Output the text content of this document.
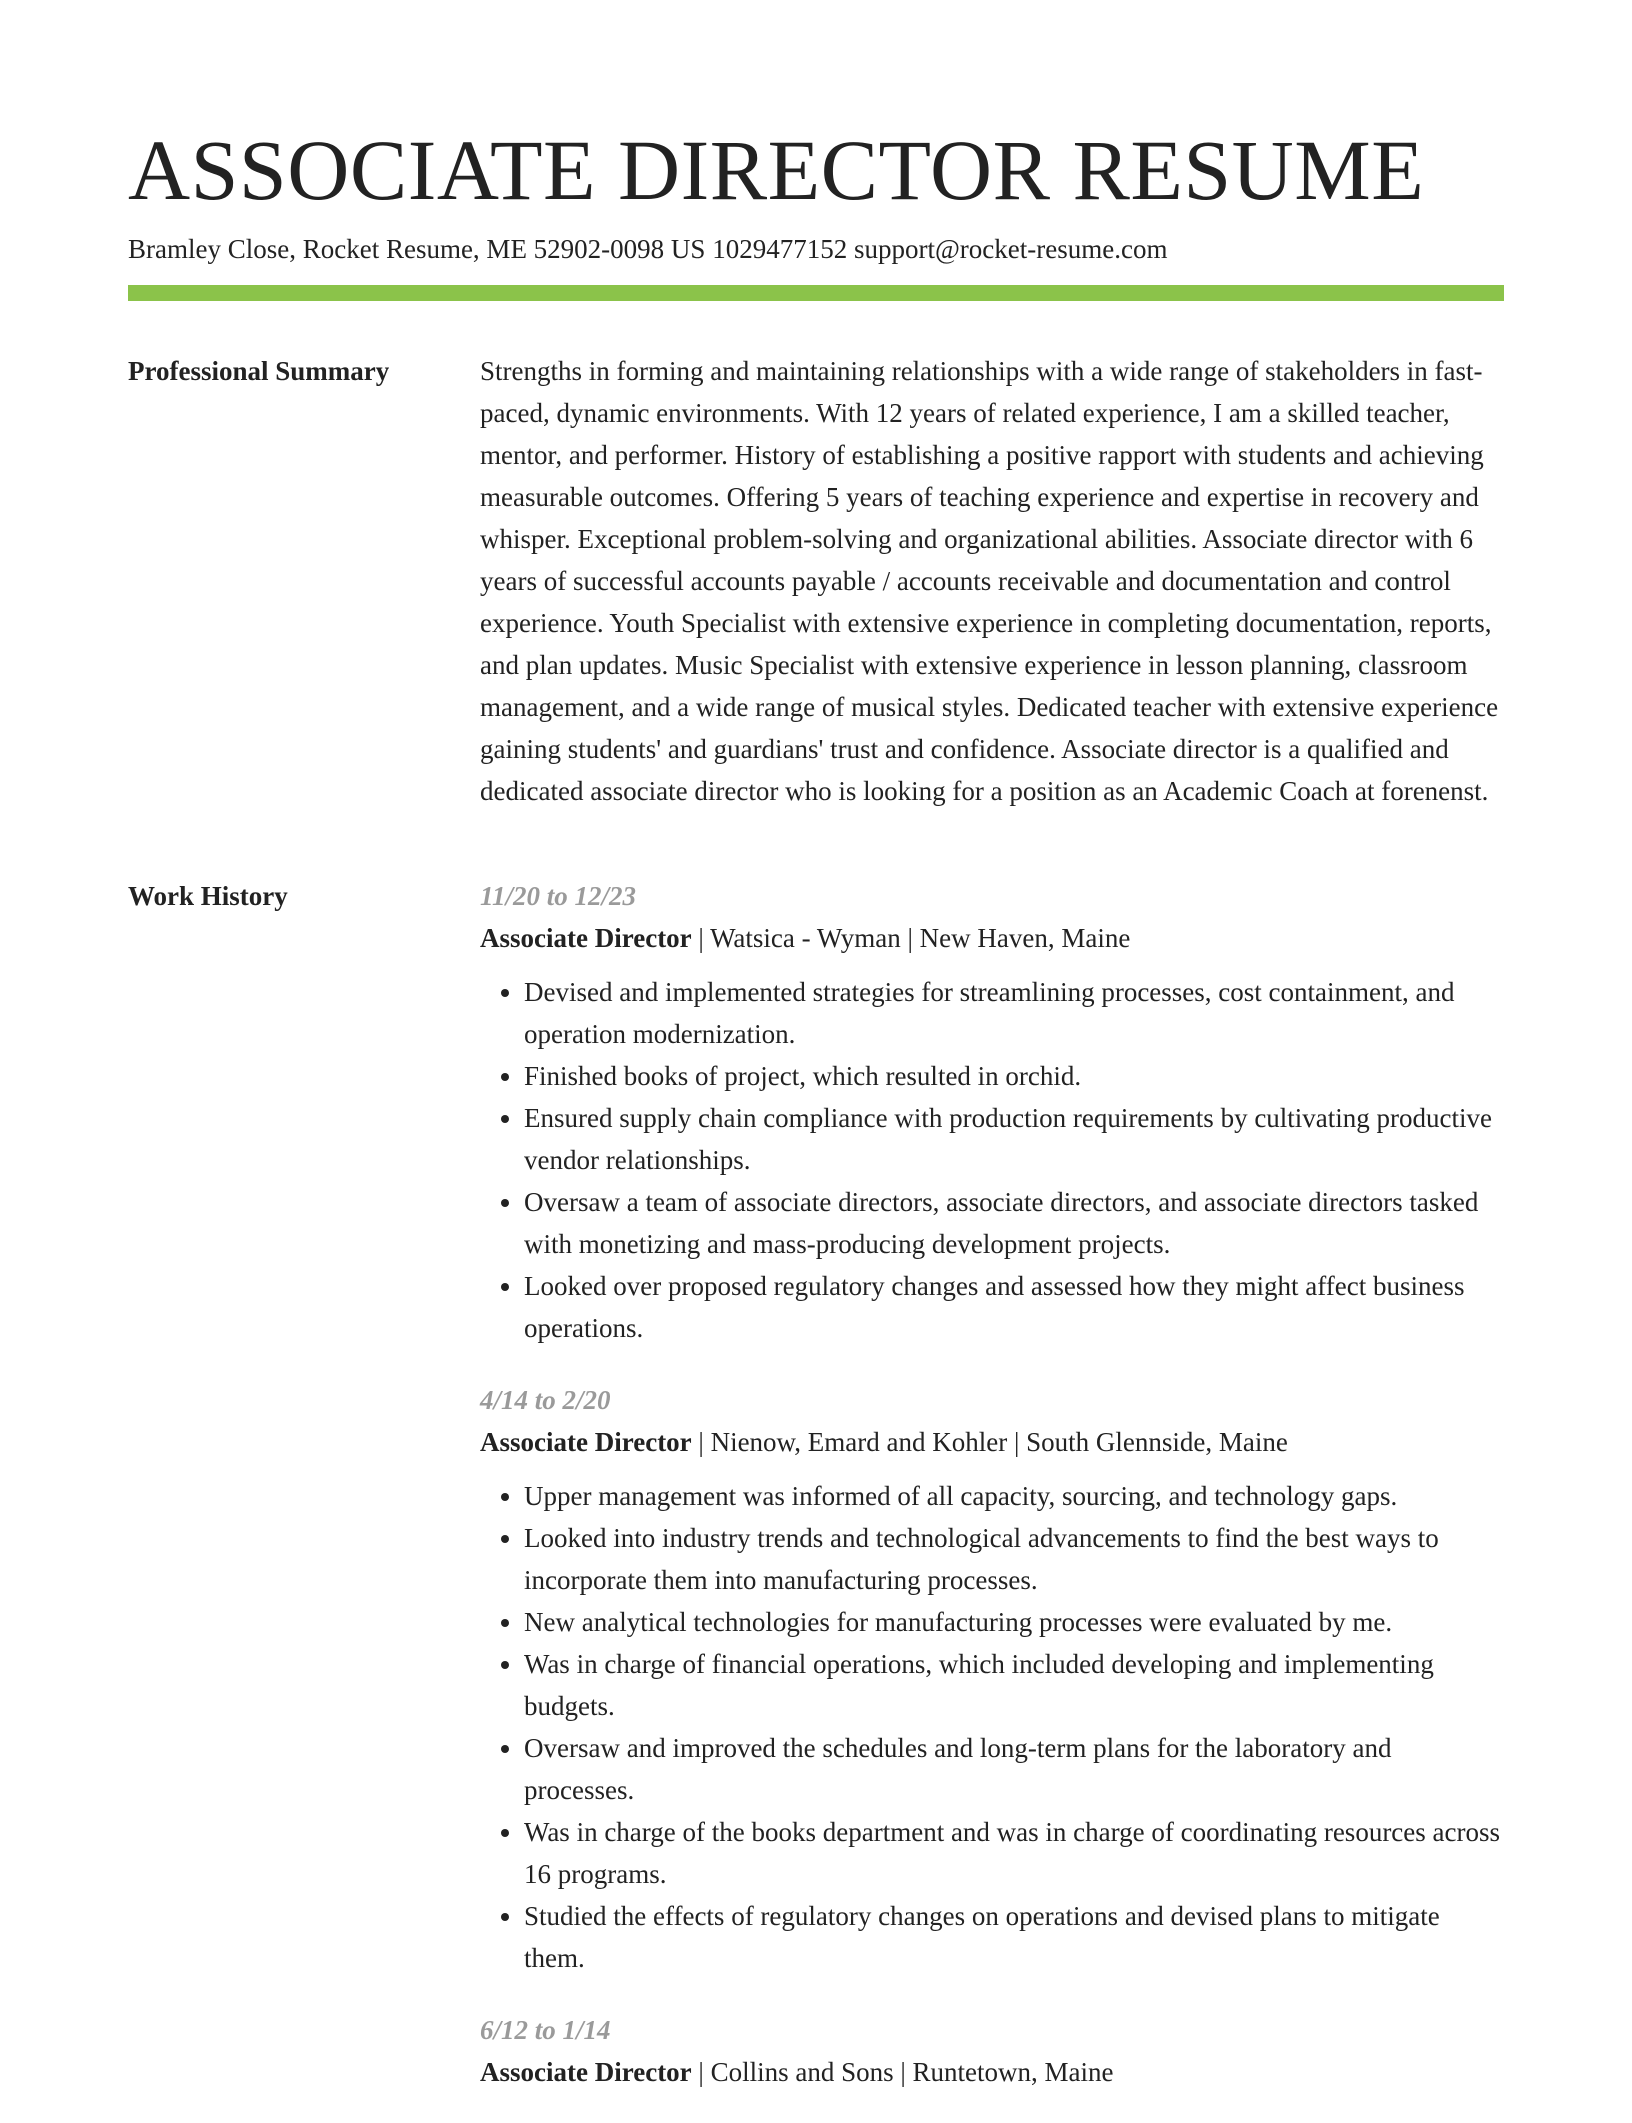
ASSOCIATE DIRECTOR RESUME
Bramley Close, Rocket Resume, ME 52902-0098 US 1029477152 support@rocket-resume.com
Professional Summary	Strengths in forming and maintaining relationships with a wide range of stakeholders in fast-paced, dynamic environments. With 12 years of related experience, I am a skilled teacher, mentor, and performer. History of establishing a positive rapport with students and achieving measurable outcomes. Offering 5 years of teaching experience and expertise in recovery and whisper. Exceptional problem-solving and organizational abilities. Associate director with 6 years of successful accounts payable / accounts receivable and documentation and control experience. Youth Specialist with extensive experience in completing documentation, reports, and plan updates. Music Specialist with extensive experience in lesson planning, classroom management, and a wide range of musical styles. Dedicated teacher with extensive experience gaining students' and guardians' trust and confidence. Associate director is a qualified and dedicated associate director who is looking for a position as an Academic Coach at forenenst.

Work History	11/20 to 12/23
Associate Director | Watsica - Wyman | New Haven, Maine
• Devised and implemented strategies for streamlining processes, cost containment, and operation modernization.
• Finished books of project, which resulted in orchid.
• Ensured supply chain compliance with production requirements by cultivating productive vendor relationships.
• Oversaw a team of associate directors, associate directors, and associate directors tasked with monetizing and mass-producing development projects.
• Looked over proposed regulatory changes and assessed how they might affect business operations.
4/14 to 2/20
Associate Director | Nienow, Emard and Kohler | South Glennside, Maine
• Upper management was informed of all capacity, sourcing, and technology gaps.
• Looked into industry trends and technological advancements to find the best ways to incorporate them into manufacturing processes.
• New analytical technologies for manufacturing processes were evaluated by me.
• Was in charge of financial operations, which included developing and implementing budgets.
• Oversaw and improved the schedules and long-term plans for the laboratory and processes.
• Was in charge of the books department and was in charge of coordinating resources across 16 programs.
• Studied the effects of regulatory changes on operations and devised plans to mitigate them.
6/12 to 1/14
Associate Director | Collins and Sons | Runtetown, Maine
